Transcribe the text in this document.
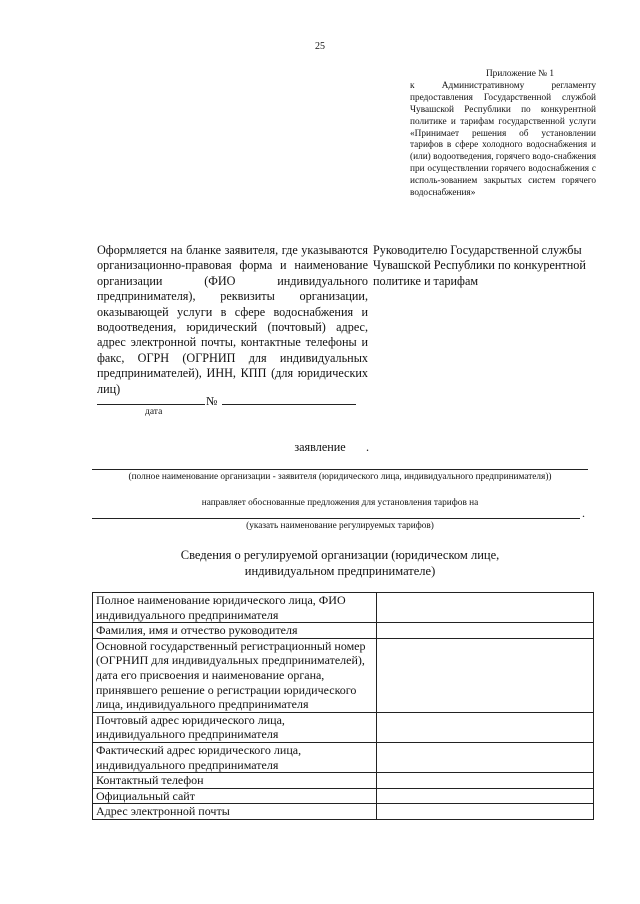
25
Приложение № 1
к Административному регламенту предоставления Государственной службой Чувашской Республики по конкурентной политике и тарифам государственной услуги «Принимает решения об установлении тарифов в сфере холодного водоснабжения и (или) водоотведения, горячего водо-снабжения при осуществлении горячего водоснабжения с исполь-зованием закрытых систем горячего водоснабжения»
Оформляется на бланке заявителя, где указываются организационно-правовая форма и наименование организации (ФИО индивидуального предпринимателя), реквизиты организации, оказывающей услуги в сфере водоснабжения и водоотведения, юридический (почтовый) адрес, адрес электронной почты, контактные телефоны и факс, ОГРН (ОГРНИП для индивидуальных предпринимателей), ИНН, КПП (для юридических лиц)
Руководителю Государственной службы Чувашской Республики по конкурентной политике и тарифам
№
дата
заявление	.
(полное наименование организации - заявителя (юридического лица, индивидуального предпринимателя))
направляет обоснованные предложения для установления тарифов на
.
(указать наименование регулируемых тарифов)
Сведения о регулируемой организации (юридическом лице, индивидуальном предпринимателе)
Полное наименование юридического лица, ФИО индивидуального предпринимателя	
Фамилия, имя и отчество руководителя	
Основной государственный регистрационный номер (ОГРНИП для индивидуальных предпринимателей), дата его присвоения и наименование органа, принявшего решение о регистрации юридического лица, индивидуального предпринимателя	
Почтовый адрес юридического лица, индивидуального предпринимателя	
Фактический адрес юридического лица, индивидуального предпринимателя	
Контактный телефон	
Официальный сайт	
Адрес электронной почты	
